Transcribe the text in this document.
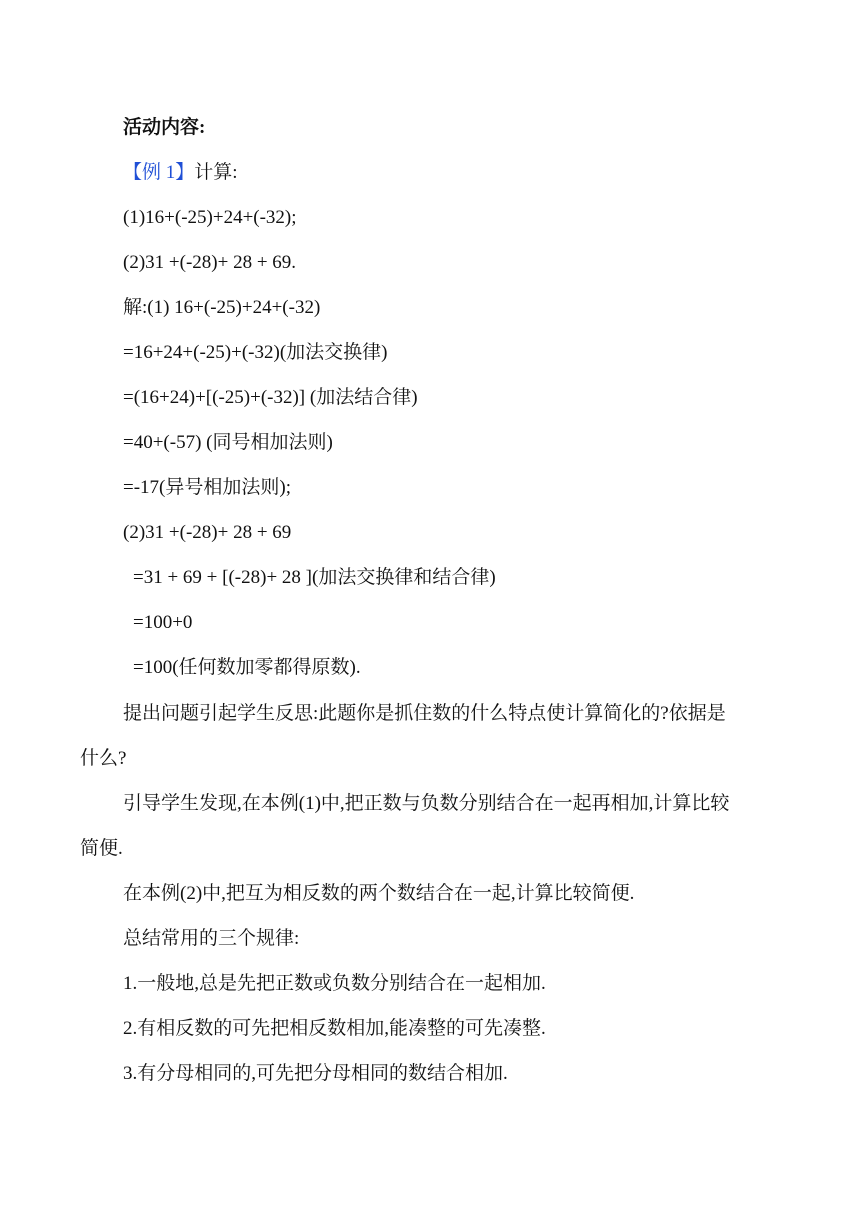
活动内容:
【例 1】计算:
(1)16+(-25)+24+(-32);
(2)31 +(-28)+ 28 + 69.
解:(1) 16+(-25)+24+(-32)
=16+24+(-25)+(-32)(加法交换律)
=(16+24)+[(-25)+(-32)] (加法结合律)
=40+(-57) (同号相加法则)
=-17(异号相加法则);
(2)31 +(-28)+ 28 + 69
=31 + 69 + [(-28)+ 28 ](加法交换律和结合律)
=100+0
=100(任何数加零都得原数).
提出问题引起学生反思:此题你是抓住数的什么特点使计算简化的?依据是
什么?
引导学生发现,在本例(1)中,把正数与负数分别结合在一起再相加,计算比较
简便.
在本例(2)中,把互为相反数的两个数结合在一起,计算比较简便.
总结常用的三个规律:
1.一般地,总是先把正数或负数分别结合在一起相加.
2.有相反数的可先把相反数相加,能凑整的可先凑整.
3.有分母相同的,可先把分母相同的数结合相加.
